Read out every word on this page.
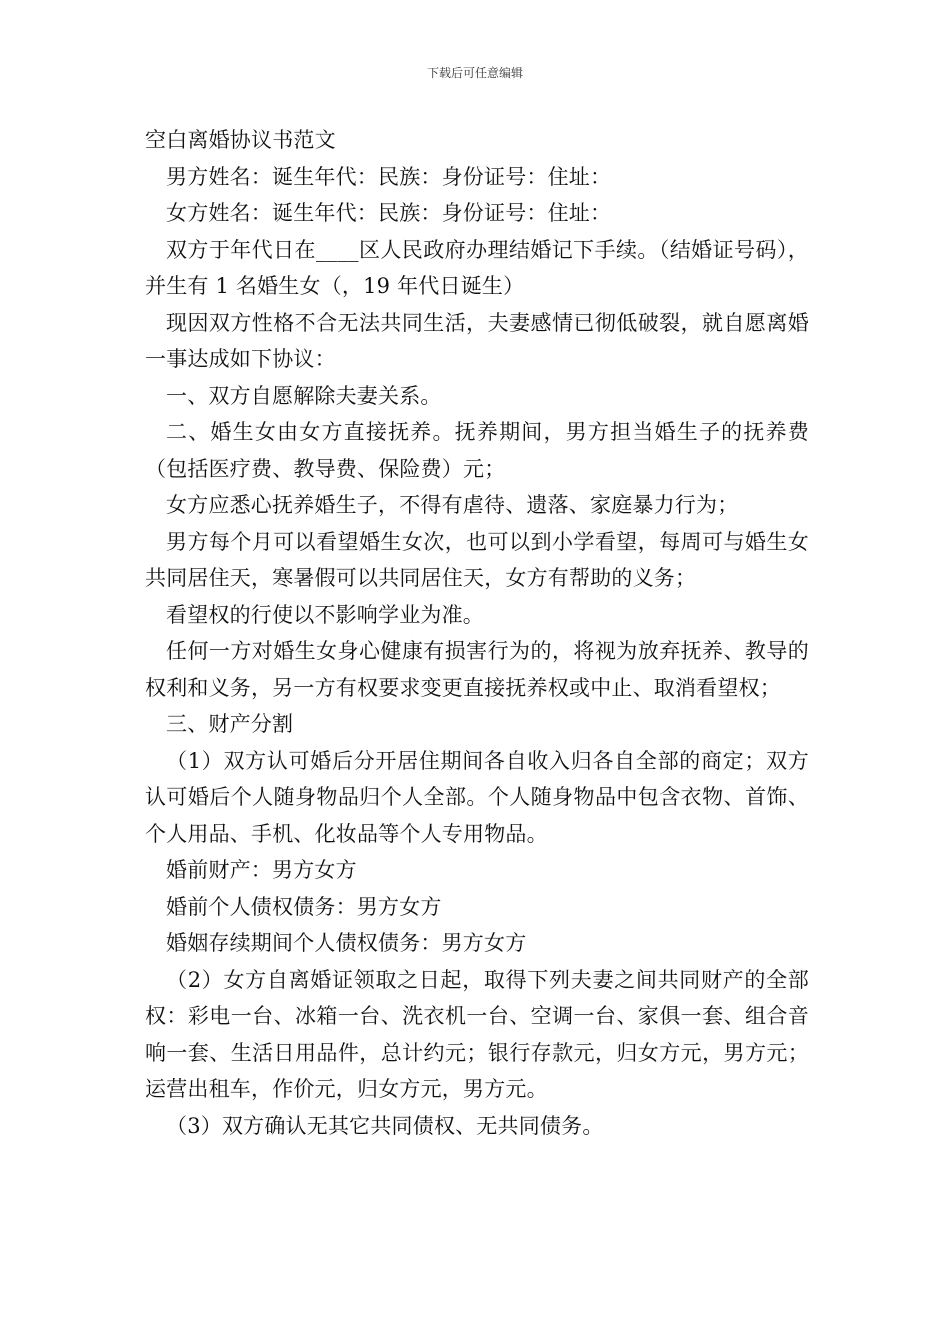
下载后可任意编辑

空白离婚协议书范文

男方姓名：诞生年代：民族：身份证号：住址：

女方姓名：诞生年代：民族：身份证号：住址：

双方于年代日在____区人民政府办理结婚记下手续。（结婚证号码），并生有 1 名婚生女（，19 年代日诞生）

现因双方性格不合无法共同生活，夫妻感情已彻低破裂，就自愿离婚一事达成如下协议：

一、双方自愿解除夫妻关系。

二、婚生女由女方直接抚养。抚养期间，男方担当婚生子的抚养费（包括医疗费、教导费、保险费）元；

女方应悉心抚养婚生子，不得有虐待、遗落、家庭暴力行为；

男方每个月可以看望婚生女次，也可以到小学看望，每周可与婚生女共同居住天，寒暑假可以共同居住天，女方有帮助的义务；

看望权的行使以不影响学业为准。

任何一方对婚生女身心健康有损害行为的，将视为放弃抚养、教导的权利和义务，另一方有权要求变更直接抚养权或中止、取消看望权；

三、财产分割

（1）双方认可婚后分开居住期间各自收入归各自全部的商定；双方认可婚后个人随身物品归个人全部。个人随身物品中包含衣物、首饰、个人用品、手机、化妆品等个人专用物品。

婚前财产：男方女方

婚前个人债权债务：男方女方

婚姻存续期间个人债权债务：男方女方

（2）女方自离婚证领取之日起，取得下列夫妻之间共同财产的全部权：彩电一台、冰箱一台、洗衣机一台、空调一台、家俱一套、组合音响一套、生活日用品件，总计约元；银行存款元，归女方元，男方元；运营出租车，作价元，归女方元，男方元。

（3）双方确认无其它共同债权、无共同债务。
